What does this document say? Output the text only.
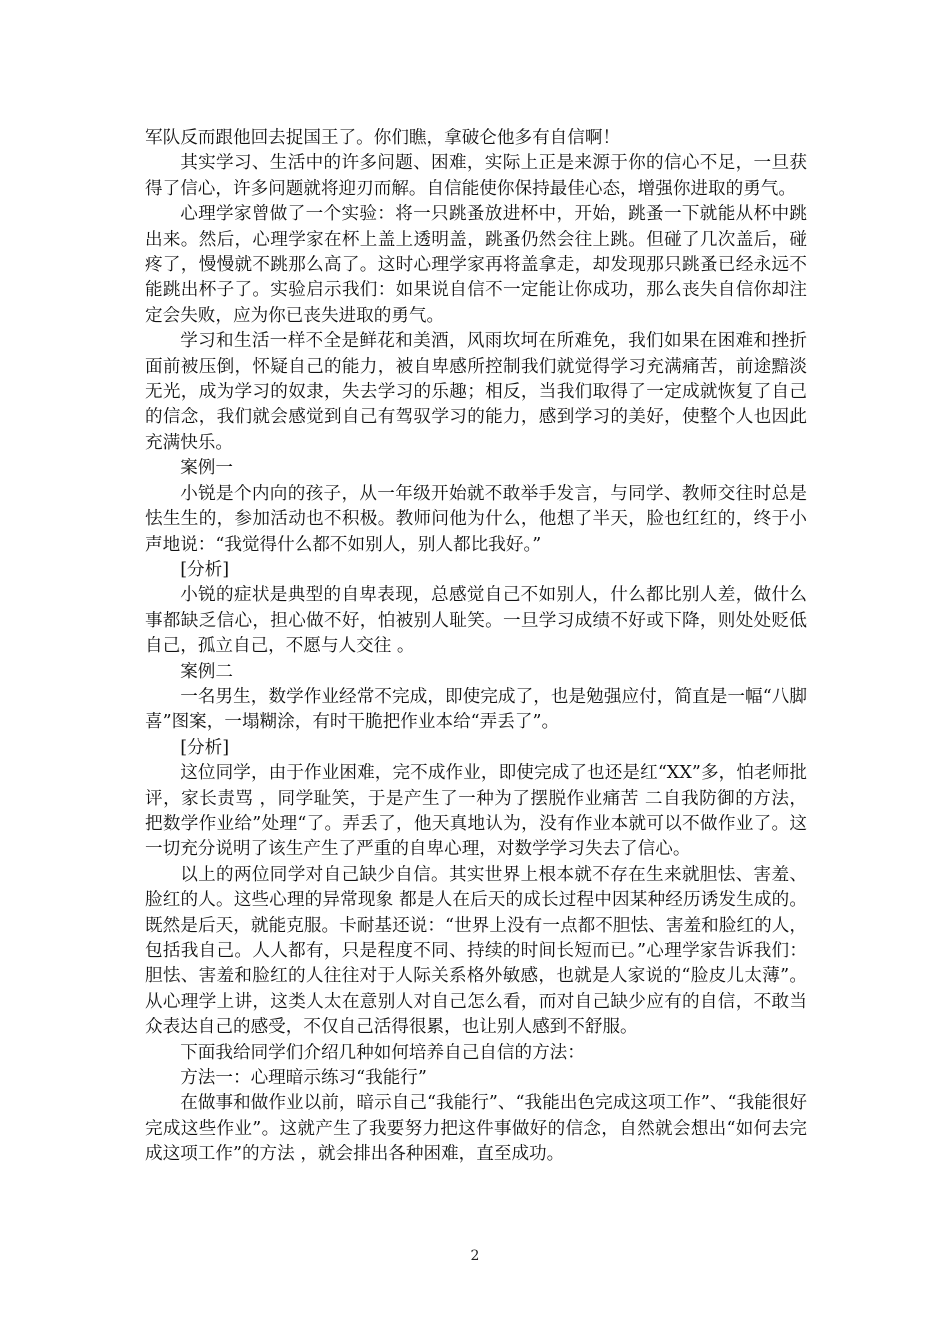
军队反而跟他回去捉国王了。你们瞧，拿破仑他多有自信啊！

其实学习、生活中的许多问题、困难，实际上正是来源于你的信心不足，一旦获得了信心，许多问题就将迎刃而解。自信能使你保持最佳心态，增强你进取的勇气。

心理学家曾做了一个实验：将一只跳蚤放进杯中，开始，跳蚤一下就能从杯中跳出来。然后，心理学家在杯上盖上透明盖，跳蚤仍然会往上跳。但碰了几次盖后，碰疼了，慢慢就不跳那么高了。这时心理学家再将盖拿走，却发现那只跳蚤已经永远不能跳出杯子了。实验启示我们：如果说自信不一定能让你成功，那么丧失自信你却注定会失败，应为你已丧失进取的勇气。

学习和生活一样不全是鲜花和美酒，风雨坎坷在所难免，我们如果在困难和挫折面前被压倒，怀疑自己的能力，被自卑感所控制我们就觉得学习充满痛苦，前途黯淡无光，成为学习的奴隶，失去学习的乐趣；相反，当我们取得了一定成就恢复了自己的信念，我们就会感觉到自己有驾驭学习的能力，感到学习的美好，使整个人也因此充满快乐。

案例一

小锐是个内向的孩子，从一年级开始就不敢举手发言，与同学、教师交往时总是怯生生的，参加活动也不积极。教师问他为什么，他想了半天，脸也红红的，终于小声地说：“我觉得什么都不如别人，别人都比我好。”

[分析]

小锐的症状是典型的自卑表现，总感觉自己不如别人，什么都比别人差，做什么事都缺乏信心，担心做不好，怕被别人耻笑。一旦学习成绩不好或下降，则处处贬低自己，孤立自己，不愿与人交往 。

案例二

一名男生，数学作业经常不完成，即使完成了，也是勉强应付，简直是一幅“八脚喜”图案，一塌糊涂，有时干脆把作业本给“弄丢了”。

[分析]

这位同学，由于作业困难，完不成作业，即使完成了也还是红“XX”多，怕老师批评，家长责骂 ，同学耻笑，于是产生了一种为了摆脱作业痛苦 二自我防御的方法，把数学作业给”处理“了。弄丢了，他天真地认为，没有作业本就可以不做作业了。这一切充分说明了该生产生了严重的自卑心理，对数学学习失去了信心。

以上的两位同学对自己缺少自信。其实世界上根本就不存在生来就胆怯、害羞、脸红的人。这些心理的异常现象 都是人在后天的成长过程中因某种经历诱发生成的。既然是后天，就能克服。卡耐基还说：“世界上没有一点都不胆怯、害羞和脸红的人，包括我自己。人人都有，只是程度不同、持续的时间长短而已。”心理学家告诉我们：胆怯、害羞和脸红的人往往对于人际关系格外敏感，也就是人家说的“脸皮儿太薄”。从心理学上讲，这类人太在意别人对自己怎么看，而对自己缺少应有的自信，不敢当众表达自己的感受，不仅自己活得很累，也让别人感到不舒服。

下面我给同学们介绍几种如何培养自己自信的方法：

方法一：心理暗示练习“我能行”

在做事和做作业以前，暗示自己“我能行”、“我能出色完成这项工作”、“我能很好完成这些作业”。这就产生了我要努力把这件事做好的信念，自然就会想出“如何去完成这项工作”的方法 ，就会排出各种困难，直至成功。

2
